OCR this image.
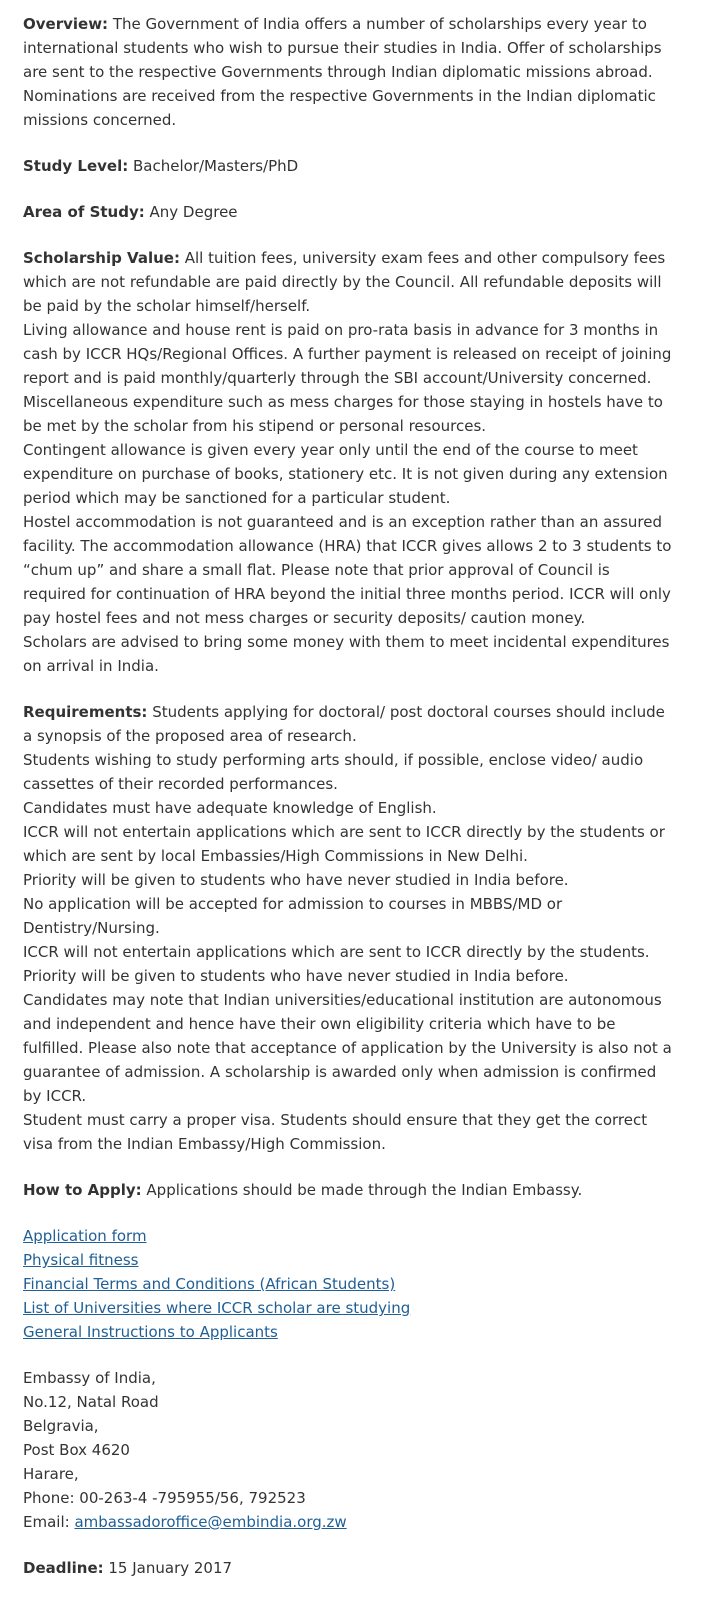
Overview: The Government of India offers a number of scholarships every year to international students who wish to pursue their studies in India. Offer of scholarships are sent to the respective Governments through Indian diplomatic missions abroad. Nominations are received from the respective Governments in the Indian diplomatic missions concerned.

Study Level: Bachelor/Masters/PhD

Area of Study: Any Degree

Scholarship Value: All tuition fees, university exam fees and other compulsory fees which are not refundable are paid directly by the Council. All refundable deposits will be paid by the scholar himself/herself.

Living allowance and house rent is paid on pro-rata basis in advance for 3 months in cash by ICCR HQs/Regional Offices. A further payment is released on receipt of joining report and is paid monthly/quarterly through the SBI account/University concerned.

Miscellaneous expenditure such as mess charges for those staying in hostels have to be met by the scholar from his stipend or personal resources.

Contingent allowance is given every year only until the end of the course to meet expenditure on purchase of books, stationery etc. It is not given during any extension period which may be sanctioned for a particular student.

Hostel accommodation is not guaranteed and is an exception rather than an assured facility. The accommodation allowance (HRA) that ICCR gives allows 2 to 3 students to “chum up” and share a small flat. Please note that prior approval of Council is required for continuation of HRA beyond the initial three months period. ICCR will only pay hostel fees and not mess charges or security deposits/ caution money.

Scholars are advised to bring some money with them to meet incidental expenditures on arrival in India.

Requirements: Students applying for doctoral/ post doctoral courses should include a synopsis of the proposed area of research.

Students wishing to study performing arts should, if possible, enclose video/ audio cassettes of their recorded performances.

Candidates must have adequate knowledge of English.

ICCR will not entertain applications which are sent to ICCR directly by the students or which are sent by local Embassies/High Commissions in New Delhi.

Priority will be given to students who have never studied in India before.

No application will be accepted for admission to courses in MBBS/MD or Dentistry/Nursing.

ICCR will not entertain applications which are sent to ICCR directly by the students.

Priority will be given to students who have never studied in India before.

Candidates may note that Indian universities/educational institution are autonomous and independent and hence have their own eligibility criteria which have to be fulfilled. Please also note that acceptance of application by the University is also not a guarantee of admission. A scholarship is awarded only when admission is confirmed by ICCR.

Student must carry a proper visa. Students should ensure that they get the correct visa from the Indian Embassy/High Commission.

How to Apply: Applications should be made through the Indian Embassy.

Application form
Physical fitness
Financial Terms and Conditions (African Students)
List of Universities where ICCR scholar are studying
General Instructions to Applicants
Embassy of India,
No.12, Natal Road
Belgravia,
Post Box 4620
Harare,
Phone: 00-263-4 -795955/56, 792523
Email: ambassadoroffice@embindia.org.zw

Deadline: 15 January 2017
